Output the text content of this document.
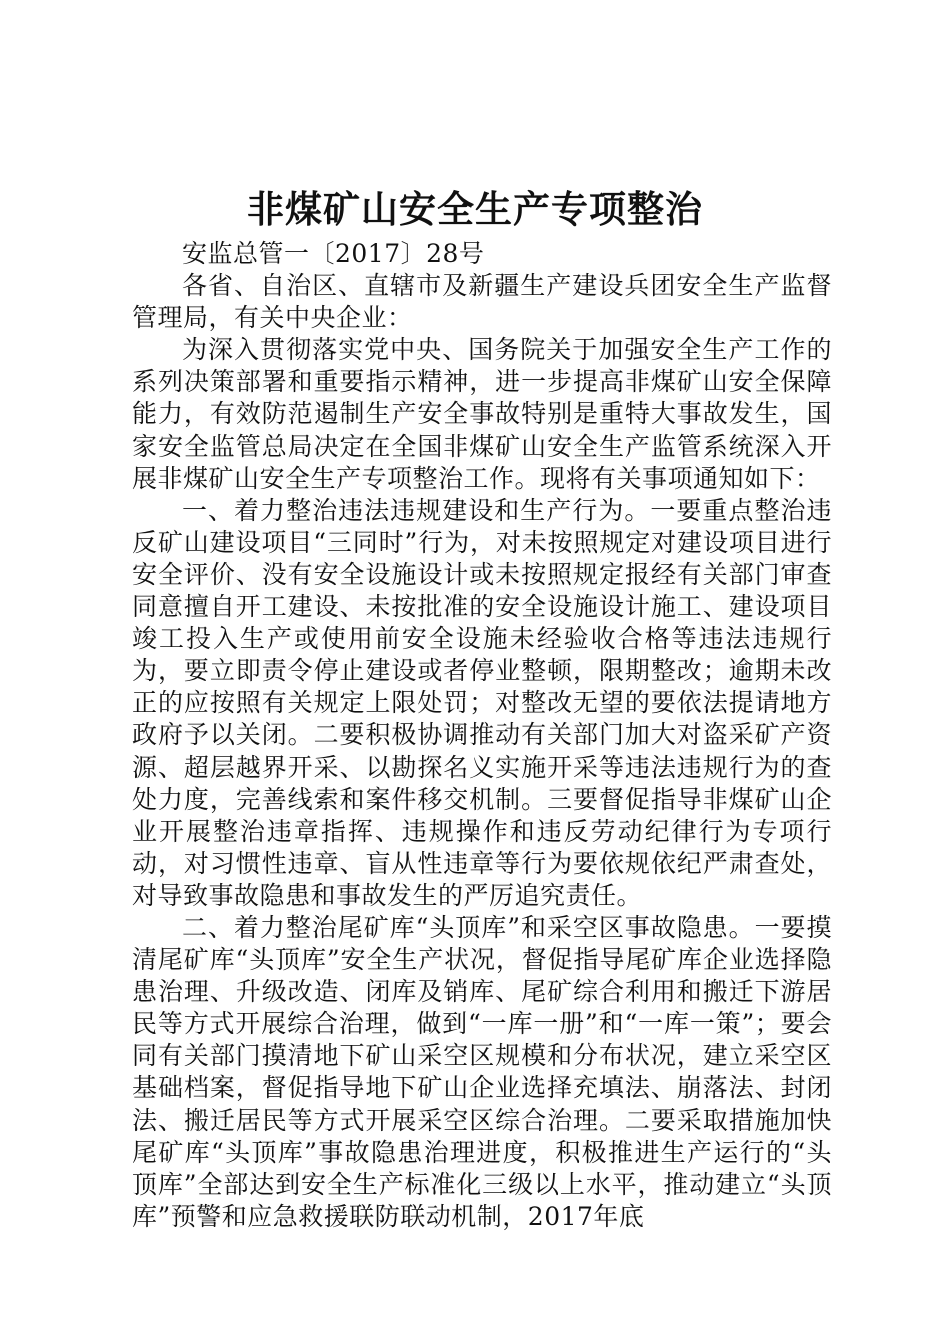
非煤矿山安全生产专项整治

安监总管一〔2017〕28号

各省、自治区、直辖市及新疆生产建设兵团安全生产监督管理局，有关中央企业：

为深入贯彻落实党中央、国务院关于加强安全生产工作的系列决策部署和重要指示精神，进一步提高非煤矿山安全保障能力，有效防范遏制生产安全事故特别是重特大事故发生，国家安全监管总局决定在全国非煤矿山安全生产监管系统深入开展非煤矿山安全生产专项整治工作。现将有关事项通知如下：

一、着力整治违法违规建设和生产行为。一要重点整治违反矿山建设项目“三同时”行为，对未按照规定对建设项目进行安全评价、没有安全设施设计或未按照规定报经有关部门审查同意擅自开工建设、未按批准的安全设施设计施工、建设项目竣工投入生产或使用前安全设施未经验收合格等违法违规行为，要立即责令停止建设或者停业整顿，限期整改；逾期未改正的应按照有关规定上限处罚；对整改无望的要依法提请地方政府予以关闭。二要积极协调推动有关部门加大对盗采矿产资源、超层越界开采、以勘探名义实施开采等违法违规行为的查处力度，完善线索和案件移交机制。三要督促指导非煤矿山企业开展整治违章指挥、违规操作和违反劳动纪律行为专项行动，对习惯性违章、盲从性违章等行为要依规依纪严肃查处，对导致事故隐患和事故发生的严厉追究责任。

二、着力整治尾矿库“头顶库”和采空区事故隐患。一要摸清尾矿库“头顶库”安全生产状况，督促指导尾矿库企业选择隐患治理、升级改造、闭库及销库、尾矿综合利用和搬迁下游居民等方式开展综合治理，做到“一库一册”和“一库一策”；要会同有关部门摸清地下矿山采空区规模和分布状况，建立采空区基础档案，督促指导地下矿山企业选择充填法、崩落法、封闭法、搬迁居民等方式开展采空区综合治理。二要采取措施加快尾矿库“头顶库”事故隐患治理进度，积极推进生产运行的“头顶库”全部达到安全生产标准化三级以上水平，推动建立“头顶库”预警和应急救援联防联动机制，2017年底
